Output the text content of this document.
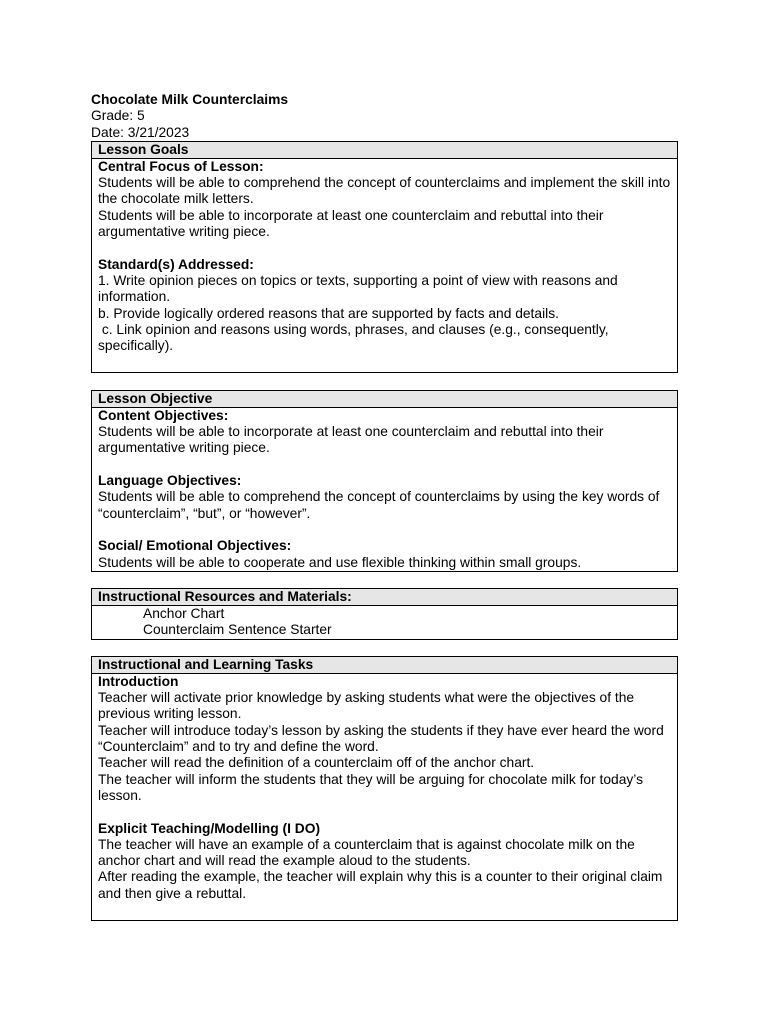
Chocolate Milk Counterclaims

Grade: 5

Date: 3/21/2023

Lesson Goals

Central Focus of Lesson:

Students will be able to comprehend the concept of counterclaims and implement the skill into

the chocolate milk letters.

Students will be able to incorporate at least one counterclaim and rebuttal into their

argumentative writing piece.

Standard(s) Addressed:

1. Write opinion pieces on topics or texts, supporting a point of view with reasons and

information.

b. Provide logically ordered reasons that are supported by facts and details.

c. Link opinion and reasons using words, phrases, and clauses (e.g., consequently,

specifically).

Lesson Objective

Content Objectives:

Students will be able to incorporate at least one counterclaim and rebuttal into their

argumentative writing piece.

Language Objectives:

Students will be able to comprehend the concept of counterclaims by using the key words of

“counterclaim”, “but”, or “however”.

Social/ Emotional Objectives:

Students will be able to cooperate and use flexible thinking within small groups.

Instructional Resources and Materials:

Anchor Chart

Counterclaim Sentence Starter

Instructional and Learning Tasks

Introduction

Teacher will activate prior knowledge by asking students what were the objectives of the

previous writing lesson.

Teacher will introduce today’s lesson by asking the students if they have ever heard the word

“Counterclaim” and to try and define the word.

Teacher will read the definition of a counterclaim off of the anchor chart.

The teacher will inform the students that they will be arguing for chocolate milk for today’s

lesson.

Explicit Teaching/Modelling (I DO)

The teacher will have an example of a counterclaim that is against chocolate milk on the

anchor chart and will read the example aloud to the students.

After reading the example, the teacher will explain why this is a counter to their original claim

and then give a rebuttal.
